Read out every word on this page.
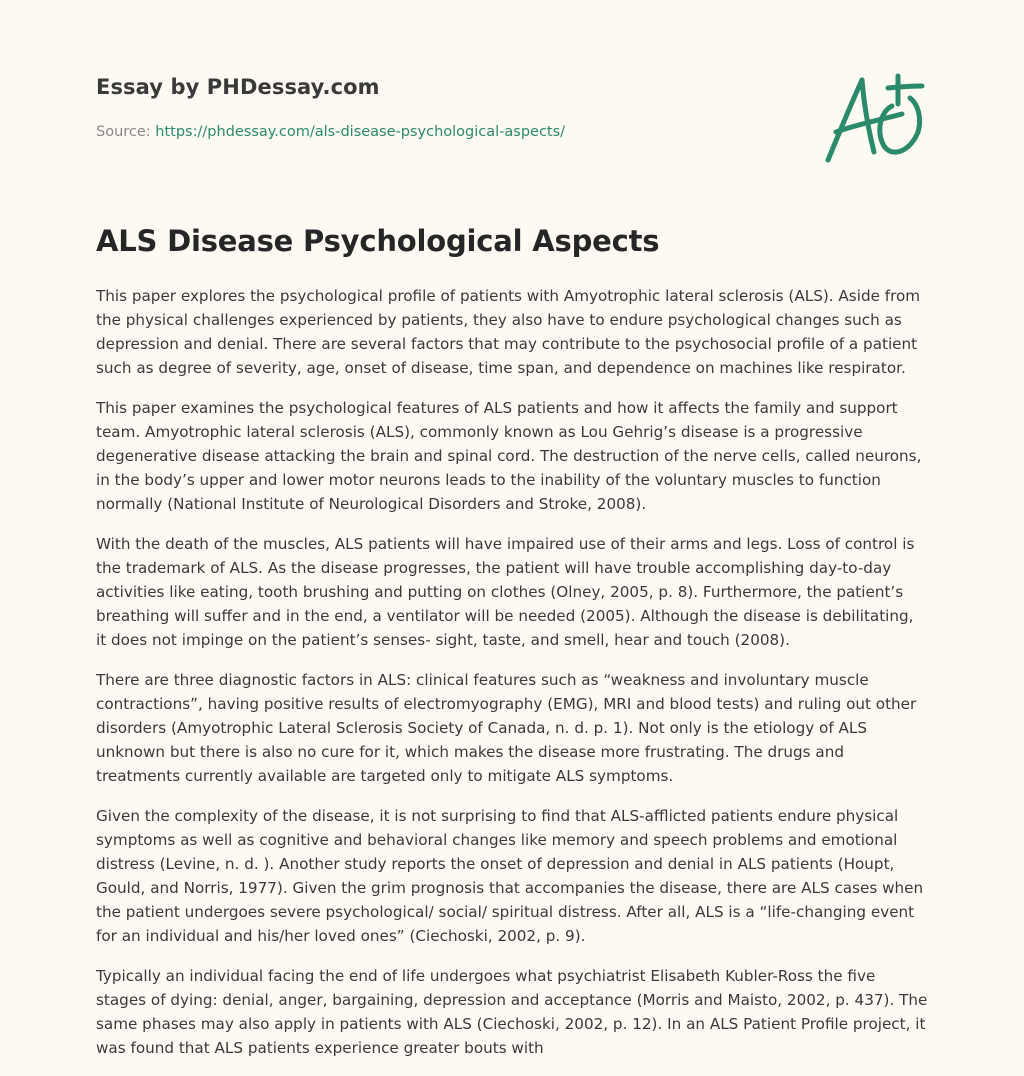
Essay by PHDessay.com
Source: https://phdessay.com/als-disease-psychological-aspects/
ALS Disease Psychological Aspects

This paper explores the psychological profile of patients with Amyotrophic lateral sclerosis (ALS). Aside from the physical challenges experienced by patients, they also have to endure psychological changes such as depression and denial. There are several factors that may contribute to the psychosocial profile of a patient such as degree of severity, age, onset of disease, time span, and dependence on machines like respirator.

This paper examines the psychological features of ALS patients and how it affects the family and support team. Amyotrophic lateral sclerosis (ALS), commonly known as Lou Gehrig’s disease is a progressive degenerative disease attacking the brain and spinal cord. The destruction of the nerve cells, called neurons, in the body’s upper and lower motor neurons leads to the inability of the voluntary muscles to function normally (National Institute of Neurological Disorders and Stroke, 2008).

With the death of the muscles, ALS patients will have impaired use of their arms and legs. Loss of control is the trademark of ALS. As the disease progresses, the patient will have trouble accomplishing day-to-day activities like eating, tooth brushing and putting on clothes (Olney, 2005, p. 8). Furthermore, the patient’s breathing will suffer and in the end, a ventilator will be needed (2005). Although the disease is debilitating, it does not impinge on the patient’s senses- sight, taste, and smell, hear and touch (2008).

There are three diagnostic factors in ALS: clinical features such as “weakness and involuntary muscle contractions”, having positive results of electromyography (EMG), MRI and blood tests) and ruling out other disorders (Amyotrophic Lateral Sclerosis Society of Canada, n. d. p. 1). Not only is the etiology of ALS unknown but there is also no cure for it, which makes the disease more frustrating. The drugs and treatments currently available are targeted only to mitigate ALS symptoms.

Given the complexity of the disease, it is not surprising to find that ALS-afflicted patients endure physical symptoms as well as cognitive and behavioral changes like memory and speech problems and emotional distress (Levine, n. d. ). Another study reports the onset of depression and denial in ALS patients (Houpt, Gould, and Norris, 1977). Given the grim prognosis that accompanies the disease, there are ALS cases when the patient undergoes severe psychological/ social/ spiritual distress. After all, ALS is a “life-changing event for an individual and his/her loved ones” (Ciechoski, 2002, p. 9).

Typically an individual facing the end of life undergoes what psychiatrist Elisabeth Kubler-Ross the five stages of dying: denial, anger, bargaining, depression and acceptance (Morris and Maisto, 2002, p. 437). The same phases may also apply in patients with ALS (Ciechoski, 2002, p. 12). In an ALS Patient Profile project, it was found that ALS patients experience greater bouts with
